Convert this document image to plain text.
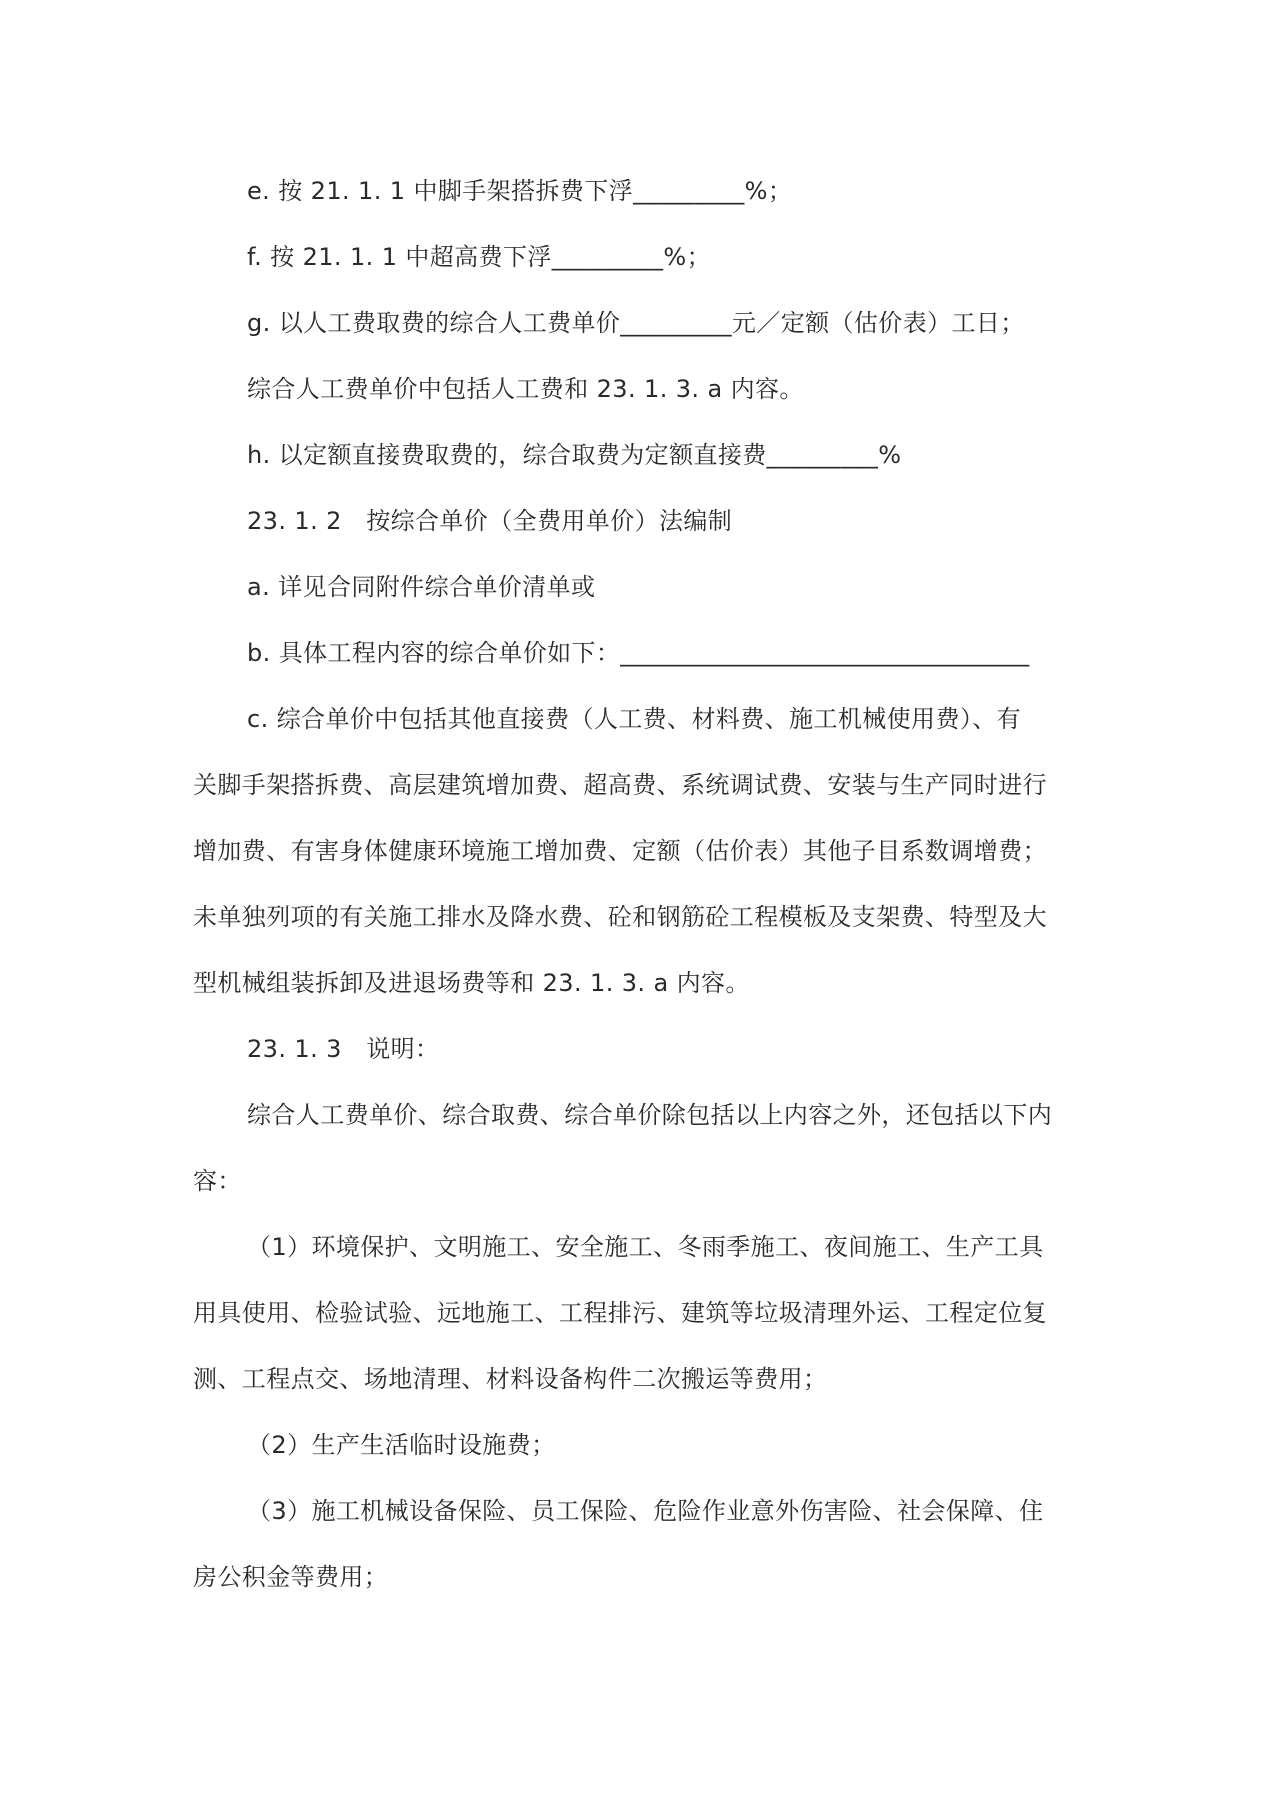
e. 按 21. 1. 1 中脚手架搭拆费下浮_________%；

f. 按 21. 1. 1 中超高费下浮_________%；

g. 以人工费取费的综合人工费单价_________元／定额（估价表）工日；

综合人工费单价中包括人工费和 23. 1. 3. a 内容。

h. 以定额直接费取费的，综合取费为定额直接费_________%

23. 1. 2　按综合单价（全费用单价）法编制

a. 详见合同附件综合单价清单或

b. 具体工程内容的综合单价如下：_________________________________

c. 综合单价中包括其他直接费（人工费、材料费、施工机械使用费）、有

关脚手架搭拆费、高层建筑增加费、超高费、系统调试费、安装与生产同时进行

增加费、有害身体健康环境施工增加费、定额（估价表）其他子目系数调增费；

未单独列项的有关施工排水及降水费、砼和钢筋砼工程模板及支架费、特型及大

型机械组装拆卸及进退场费等和 23. 1. 3. a 内容。

23. 1. 3　说明：

综合人工费单价、综合取费、综合单价除包括以上内容之外，还包括以下内

容：

（1）环境保护、文明施工、安全施工、冬雨季施工、夜间施工、生产工具

用具使用、检验试验、远地施工、工程排污、建筑等垃圾清理外运、工程定位复

测、工程点交、场地清理、材料设备构件二次搬运等费用；

（2）生产生活临时设施费；

（3）施工机械设备保险、员工保险、危险作业意外伤害险、社会保障、住

房公积金等费用；
